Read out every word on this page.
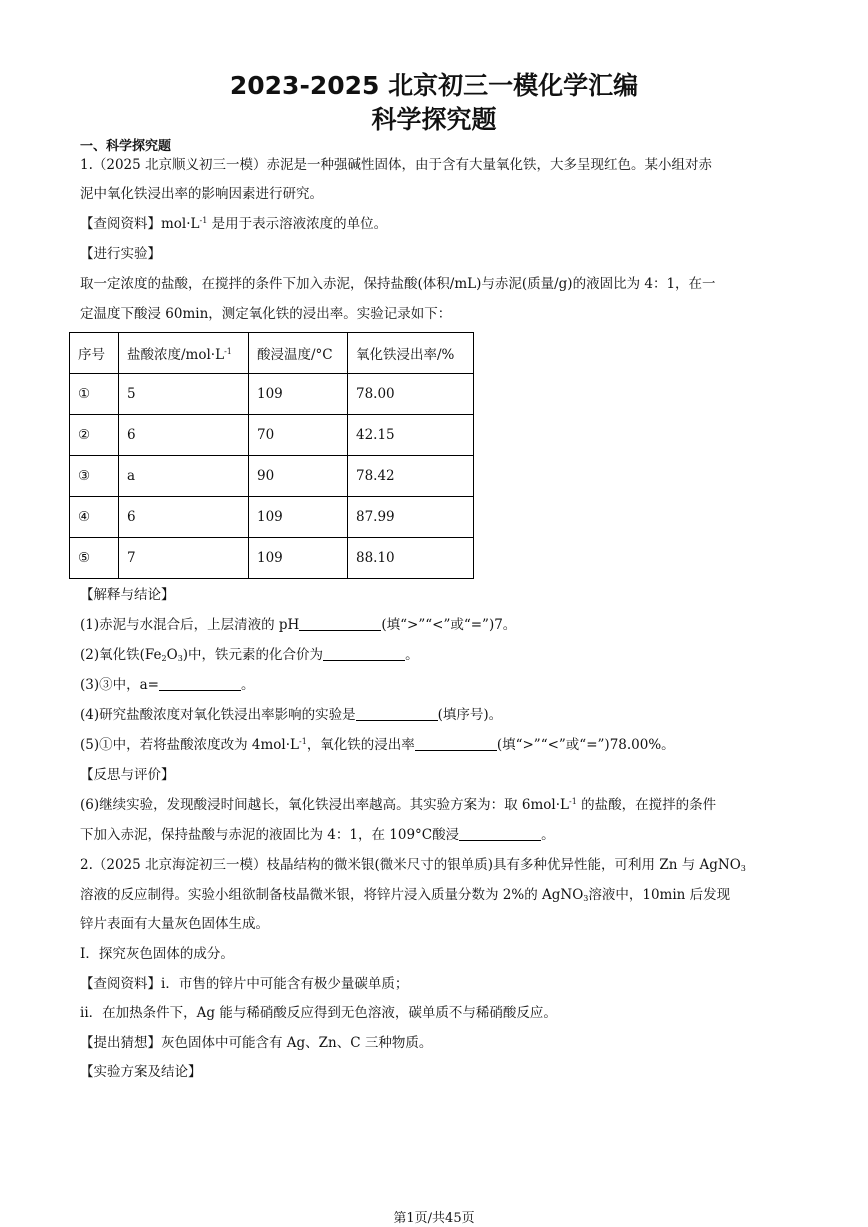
2023-2025 北京初三一模化学汇编
科学探究题
一、科学探究题
1.（2025 北京顺义初三一模）赤泥是一种强碱性固体，由于含有大量氧化铁，大多呈现红色。某小组对赤
泥中氧化铁浸出率的影响因素进行研究。
【查阅资料】$mol\cdot L^{-1}$ 是用于表示溶液浓度的单位。
【进行实验】
取一定浓度的盐酸，在搅拌的条件下加入赤泥，保持盐酸(体积/mL)与赤泥(质量/g)的液固比为 4：1，在一
定温度下酸浸 60min，测定氧化铁的浸出率。实验记录如下：
序号	盐酸浓度$/mol\cdot L^{-1}$	酸浸温度/°C	氧化铁浸出率/%
①	5	109	78.00
②	6	70	42.15
③	a	90	78.42
④	6	109	87.99
⑤	7	109	88.10
【解释与结论】
(1)赤泥与水混合后，上层清液的 pH	(填“>”“<”或“=”)7。
(2)氧化铁$(Fe_2O_3)$中，铁元素的化合价为	。
(3)③中，a=	。
(4)研究盐酸浓度对氧化铁浸出率影响的实验是	(填序号)。
(5)①中，若将盐酸浓度改为 $4mol\cdot L^{-1}$，氧化铁的浸出率	(填“>”“<”或“=”)78.00%。
【反思与评价】
(6)继续实验，发现酸浸时间越长，氧化铁浸出率越高。其实验方案为：取 $6mol\cdot L^{-1}$ 的盐酸，在搅拌的条件
下加入赤泥，保持盐酸与赤泥的液固比为 4：1，在 109°C酸浸	。
2.（2025 北京海淀初三一模）枝晶结构的微米银(微米尺寸的银单质)具有多种优异性能，可利用 Zn 与 AgNO$_3$
溶液的反应制得。实验小组欲制备枝晶微米银，将锌片浸入质量分数为 2%的 AgNO$_3$溶液中，10min 后发现
锌片表面有大量灰色固体生成。
I．探究灰色固体的成分。
【查阅资料】i．市售的锌片中可能含有极少量碳单质；
ii．在加热条件下，Ag 能与稀硝酸反应得到无色溶液，碳单质不与稀硝酸反应。
【提出猜想】灰色固体中可能含有 Ag、Zn、C 三种物质。
【实验方案及结论】
第1页/共45页
